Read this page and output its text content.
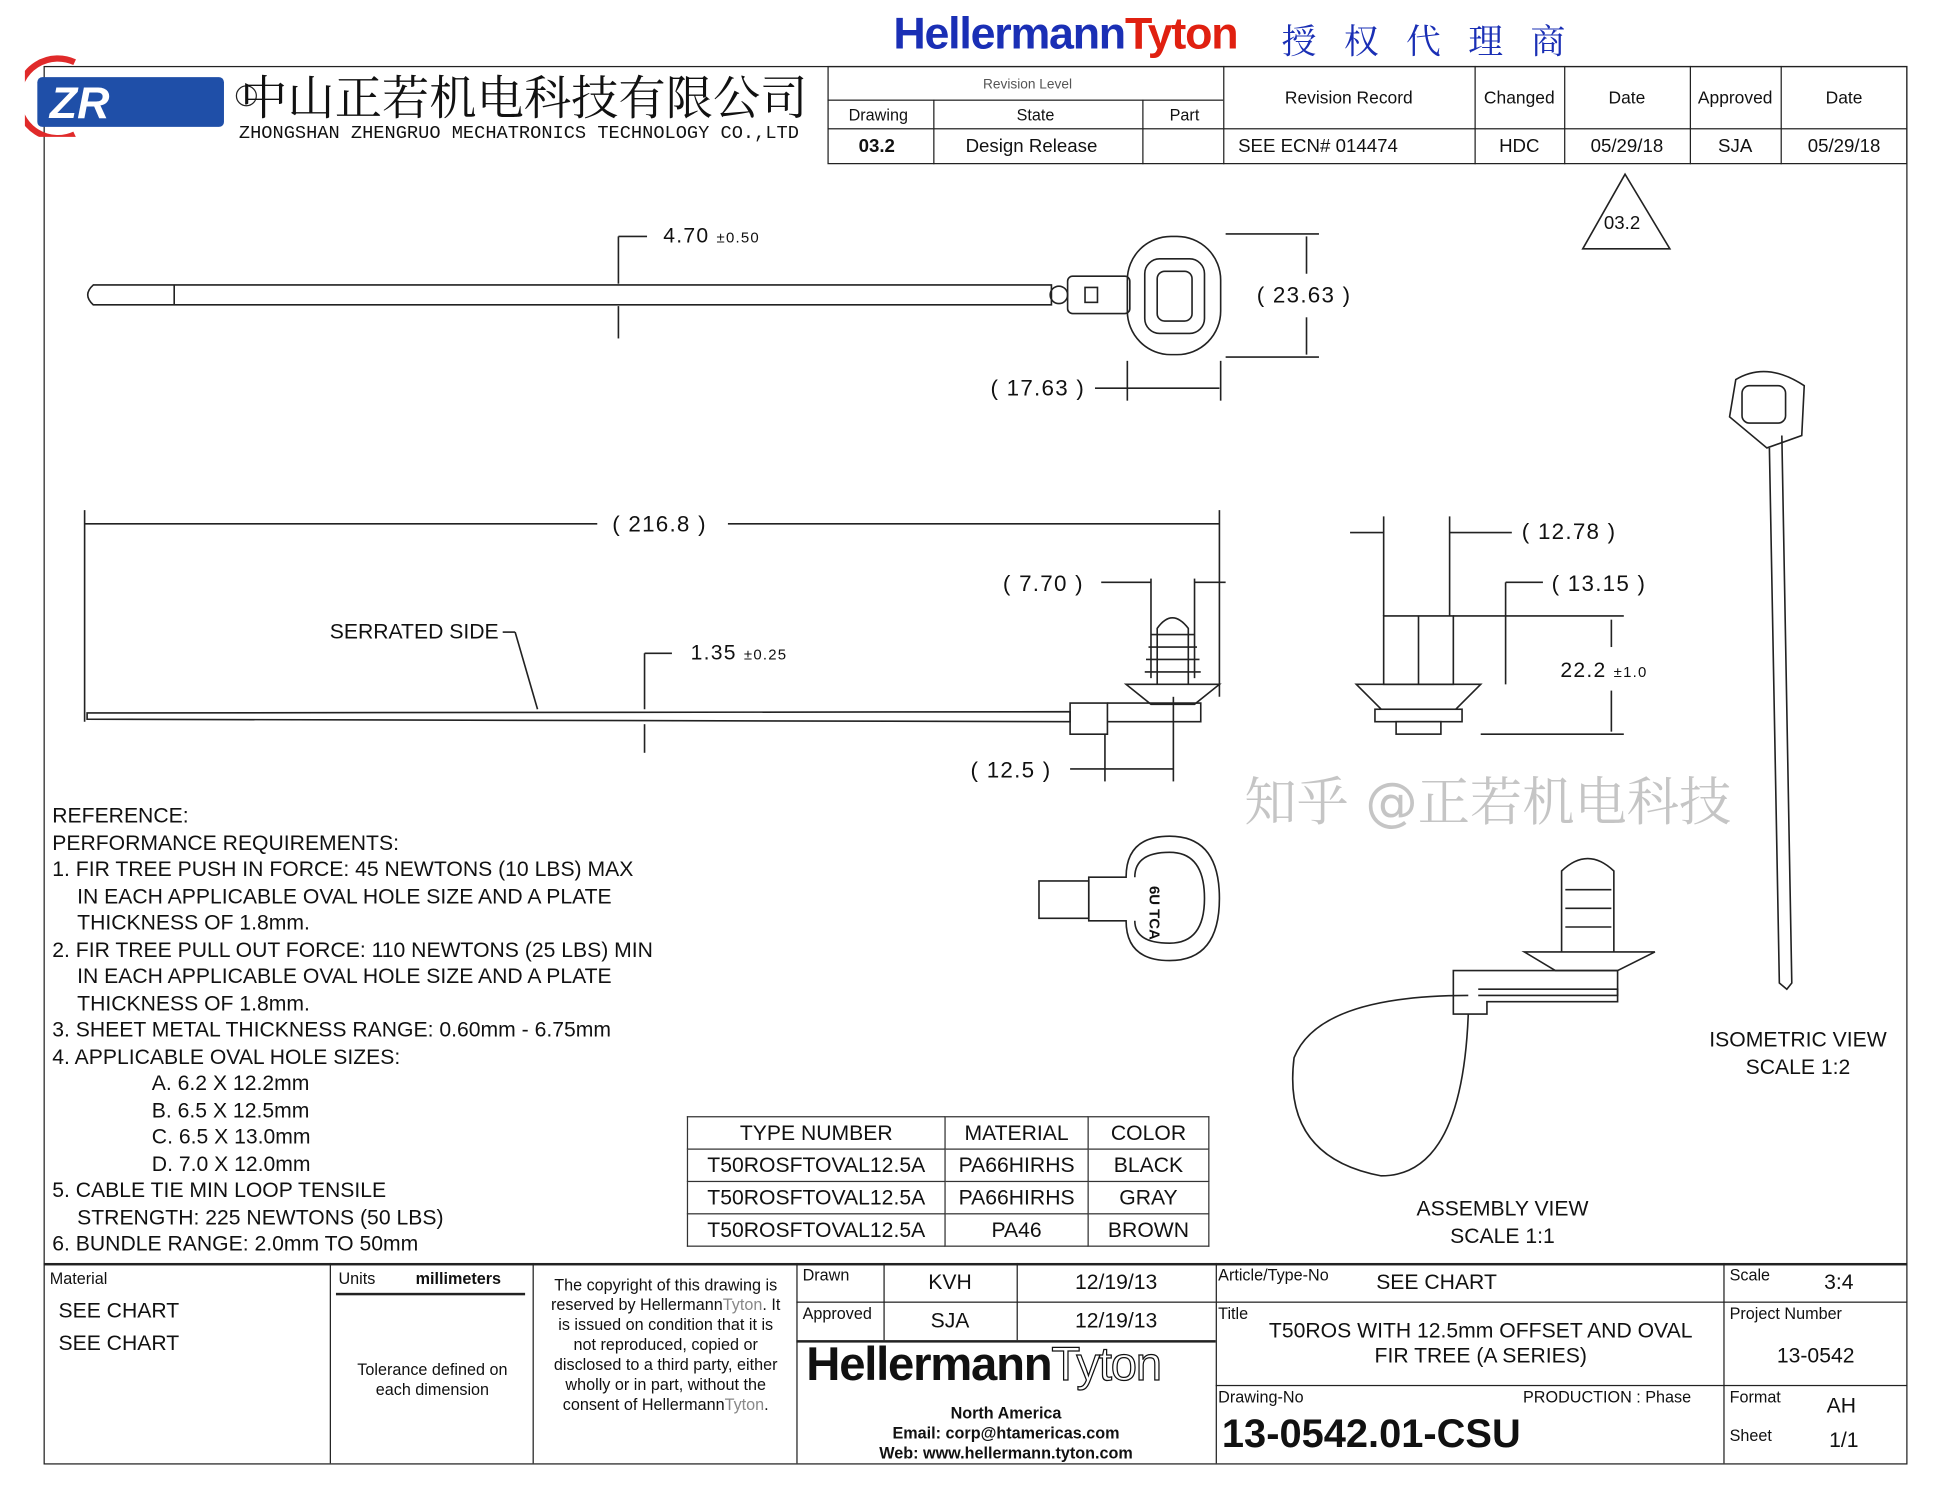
ZR	中山正若机电科技有限公司
ZHONGSHAN ZHENGRUO MECHATRONICS TECHNOLOGY CO.,LTD
HellermannTyton
Revision Level
Drawing	State	Part
03.2	Design Release
授 权 代 理 商
Revision Record	Changed	Date	Approved	Date
SEE ECN# 014474	HDC	05/29/18	SJA	05/29/18
4.70 ±0.50
( 23.63 )
( 17.63 )
( 216.8 )
( 7.70 )
SERRATED SIDE
1.35 ±0.25
( 12.5 )
( 12.78 )
( 13.15 )
22.2 ±1.0
6U TCA
03.2
ISOMETRIC VIEW
SCALE 1:2
ASSEMBLY VIEW
SCALE 1:1
REFERENCE:
PERFORMANCE REQUIREMENTS:
1. FIR TREE PUSH IN FORCE: 45 NEWTONS (10 LBS) MAX
IN EACH APPLICABLE OVAL HOLE SIZE AND A PLATE
THICKNESS OF 1.8mm.
2. FIR TREE PULL OUT FORCE: 110 NEWTONS (25 LBS) MIN
IN EACH APPLICABLE OVAL HOLE SIZE AND A PLATE
THICKNESS OF 1.8mm.
3. SHEET METAL THICKNESS RANGE: 0.60mm - 6.75mm
4. APPLICABLE OVAL HOLE SIZES:
A. 6.2 X 12.2mm
B. 6.5 X 12.5mm
C. 6.5 X 13.0mm
D. 7.0 X 12.0mm
5. CABLE TIE MIN LOOP TENSILE
STRENGTH: 225 NEWTONS (50 LBS)
6. BUNDLE RANGE: 2.0mm TO 50mm
TYPE NUMBER	MATERIAL	COLOR
T50ROSFTOVAL12.5A	PA66HIRHS	BLACK
T50ROSFTOVAL12.5A	PA66HIRHS	GRAY
T50ROSFTOVAL12.5A	PA46	BROWN
Material
SEE CHART
SEE CHART
Units	millimeters
Tolerance defined on each dimension
The copyright of this drawing is reserved by HellermannTyton. It is issued on condition that it is not reproduced, copied or disclosed to a third party, either wholly or in part, without the consent of HellermannTyton.
Drawn	KVH	12/19/13
Approved	SJA	12/19/13
HellermannTyton
North America
Email: corp@htamericas.com
Web: www.hellermann.tyton.com
Article/Type-No	SEE CHART
Title
T50ROS WITH 12.5mm OFFSET AND OVAL FIR TREE (A SERIES)
Drawing-No	PRODUCTION : Phase
13-0542.01-CSU
Scale	3:4
Project Number
13-0542
Format	AH
Sheet	1/1
知乎 @正若机电科技
